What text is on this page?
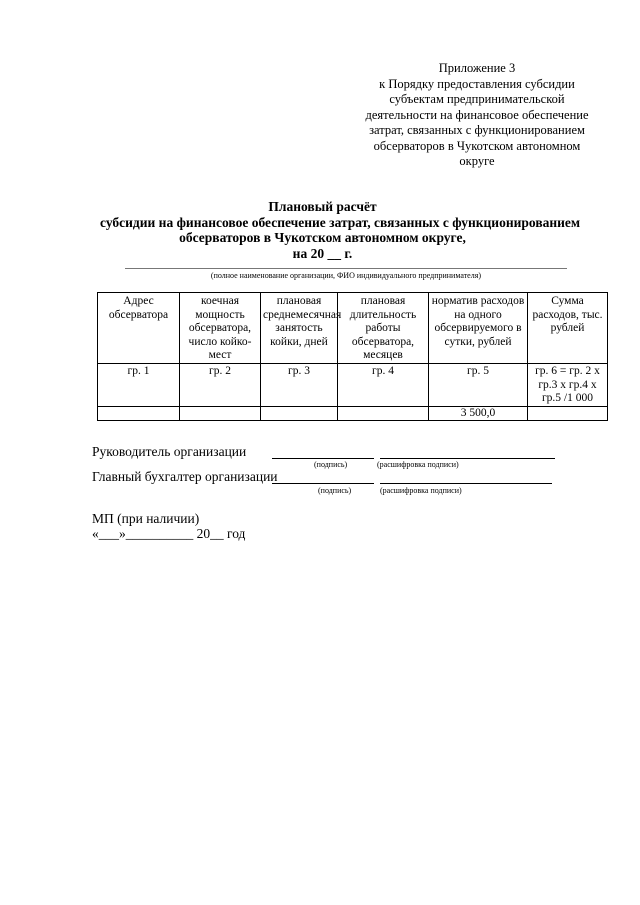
Приложение 3
к Порядку предоставления субсидии
субъектам предпринимательской
деятельности на финансовое обеспечение
затрат, связанных с функционированием
обсерваторов в Чукотском автономном
округе
Плановый расчёт
субсидии на финансовое обеспечение затрат, связанных с функционированием
обсерваторов в Чукотском автономном округе,
на 20 __ г.
(полное наименование организации, ФИО индивидуального предпринимателя)
Адрес обсерватора	коечная мощность обсерватора, число койко-мест	плановая среднемесячная занятость койки, дней	плановая длительность работы обсерватора, месяцев	норматив расходов на одного обсервируемого в сутки, рублей	Сумма расходов, тыс. рублей
гр. 1	гр. 2	гр. 3	гр. 4	гр. 5	гр. 6 = гр. 2 х гр.3 х гр.4 х гр.5 /1 000
				3 500,0	
Руководитель организации
(подпись)	(расшифровка подписи)
Главный бухгалтер организации
(подпись)	(расшифровка подписи)
МП (при наличии)
«___»__________ 20__ год
